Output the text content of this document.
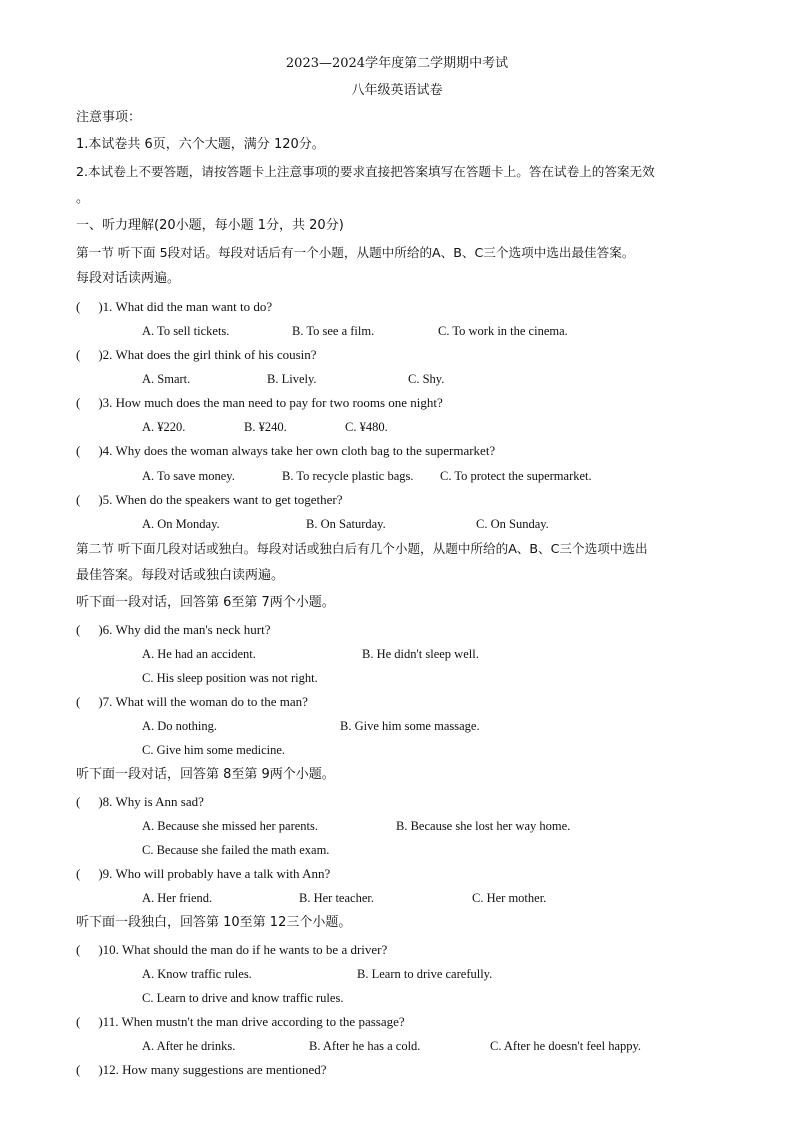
2023—2024学年度第二学期期中考试
八年级英语试卷
注意事项：
1.本试卷共 6页，六个大题，满分 120分。
2.本试卷上不要答题，请按答题卡上注意事项的要求直接把答案填写在答题卡上。答在试卷上的答案无效
。
一、听力理解(20小题，每小题 1分，共 20分)
第一节 听下面 5段对话。每段对话后有一个小题，从题中所给的A、B、C三个选项中选出最佳答案。
每段对话读两遍。
( )1. What did the man want to do?
A. To sell tickets.	B. To see a film.	C. To work in the cinema.
( )2. What does the girl think of his cousin?
A. Smart.	B. Lively.	C. Shy.
( )3. How much does the man need to pay for two rooms one night?
A. ¥220.	B. ¥240.	C. ¥480.
( )4. Why does the woman always take her own cloth bag to the supermarket?
A. To save money.	B. To recycle plastic bags. C. To protect the supermarket.
( )5. When do the speakers want to get together?
A. On Monday.	B. On Saturday.	C. On Sunday.
第二节 听下面几段对话或独白。每段对话或独白后有几个小题，从题中所给的A、B、C三个选项中选出
最佳答案。每段对话或独白读两遍。
听下面一段对话，回答第 6至第 7两个小题。
( )6. Why did the man's neck hurt?
A. He had an accident.	B. He didn't sleep well.
C. His sleep position was not right.
( )7. What will the woman do to the man?
A. Do nothing.	B. Give him some massage.
C. Give him some medicine.
听下面一段对话，回答第 8至第 9两个小题。
( )8. Why is Ann sad?
A. Because she missed her parents.	B. Because she lost her way home.
C. Because she failed the math exam.
( )9. Who will probably have a talk with Ann?
A. Her friend.	B. Her teacher.	C. Her mother.
听下面一段独白，回答第 10至第 12三个小题。
( )10. What should the man do if he wants to be a driver?
A. Know traffic rules.	B. Learn to drive carefully.
C. Learn to drive and know traffic rules.
( )11. When mustn't the man drive according to the passage?
A. After he drinks.	B. After he has a cold.	C. After he doesn't feel happy.
( )12. How many suggestions are mentioned?
